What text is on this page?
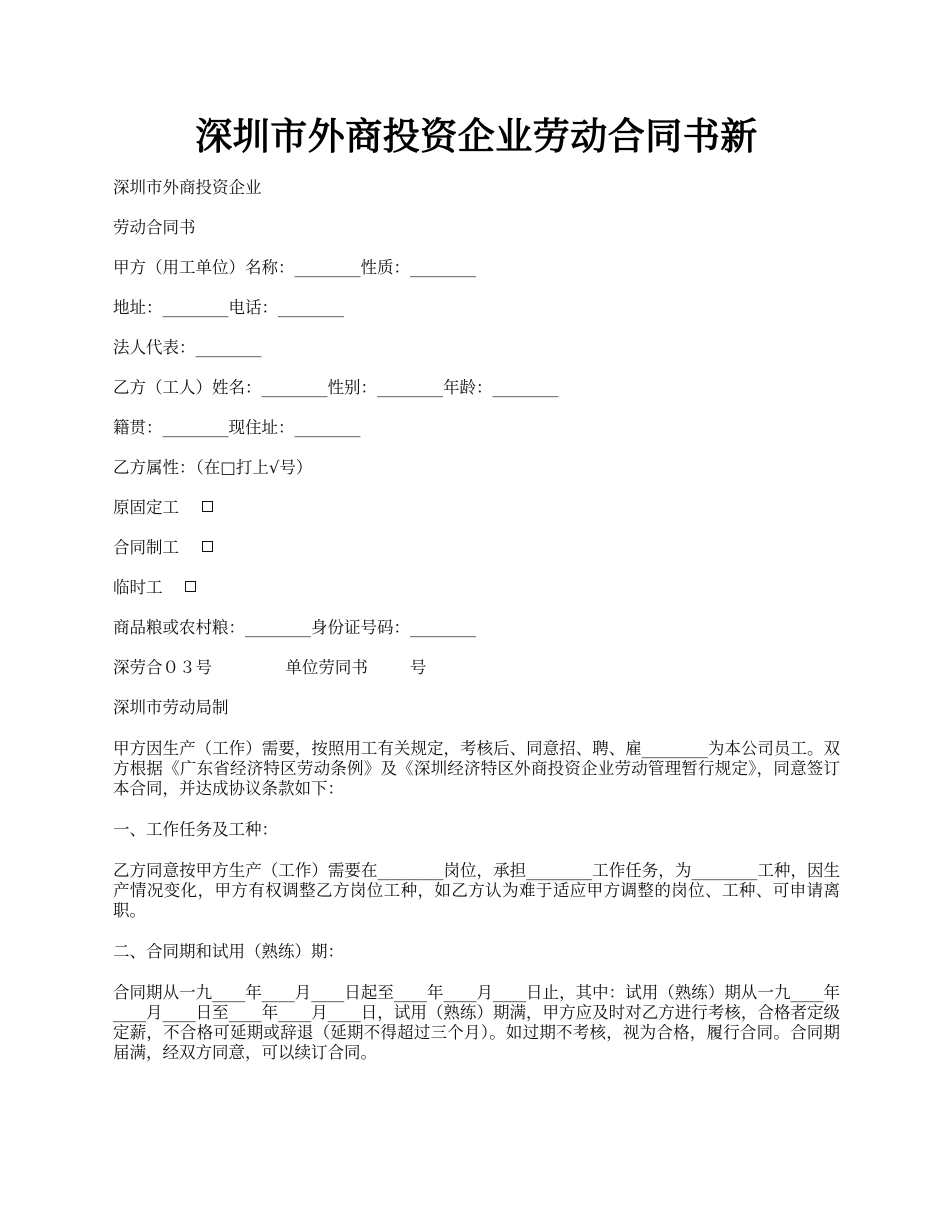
深圳市外商投资企业劳动合同书新

深圳市外商投资企业

劳动合同书

甲方（用工单位）名称：________性质：________

地址：________电话：________

法人代表：________

乙方（工人）姓名：________性别：________年龄：________

籍贯：________现住址：________

乙方属性：（在□打上√号）

原固定工

合同制工

临时工

商品粮或农村粮：________身份证号码：________

深劳合０３号              单位劳同书        号

深圳市劳动局制

甲方因生产（工作）需要，按照用工有关规定，考核后、同意招、聘、雇________为本公司员工。双方根据《广东省经济特区劳动条例》及《深圳经济特区外商投资企业劳动管理暂行规定》，同意签订本合同，并达成协议条款如下：

一、工作任务及工种：

乙方同意按甲方生产（工作）需要在________岗位，承担________工作任务，为________工种，因生产情况变化，甲方有权调整乙方岗位工种，如乙方认为难于适应甲方调整的岗位、工种、可申请离职。

二、合同期和试用（熟练）期：

合同期从一九____年____月____日起至____年____月____日止，其中：试用（熟练）期从一九____年____月____日至____年____月____日，试用（熟练）期满，甲方应及时对乙方进行考核，合格者定级定薪，不合格可延期或辞退（延期不得超过三个月）。如过期不考核，视为合格，履行合同。合同期届满，经双方同意，可以续订合同。
